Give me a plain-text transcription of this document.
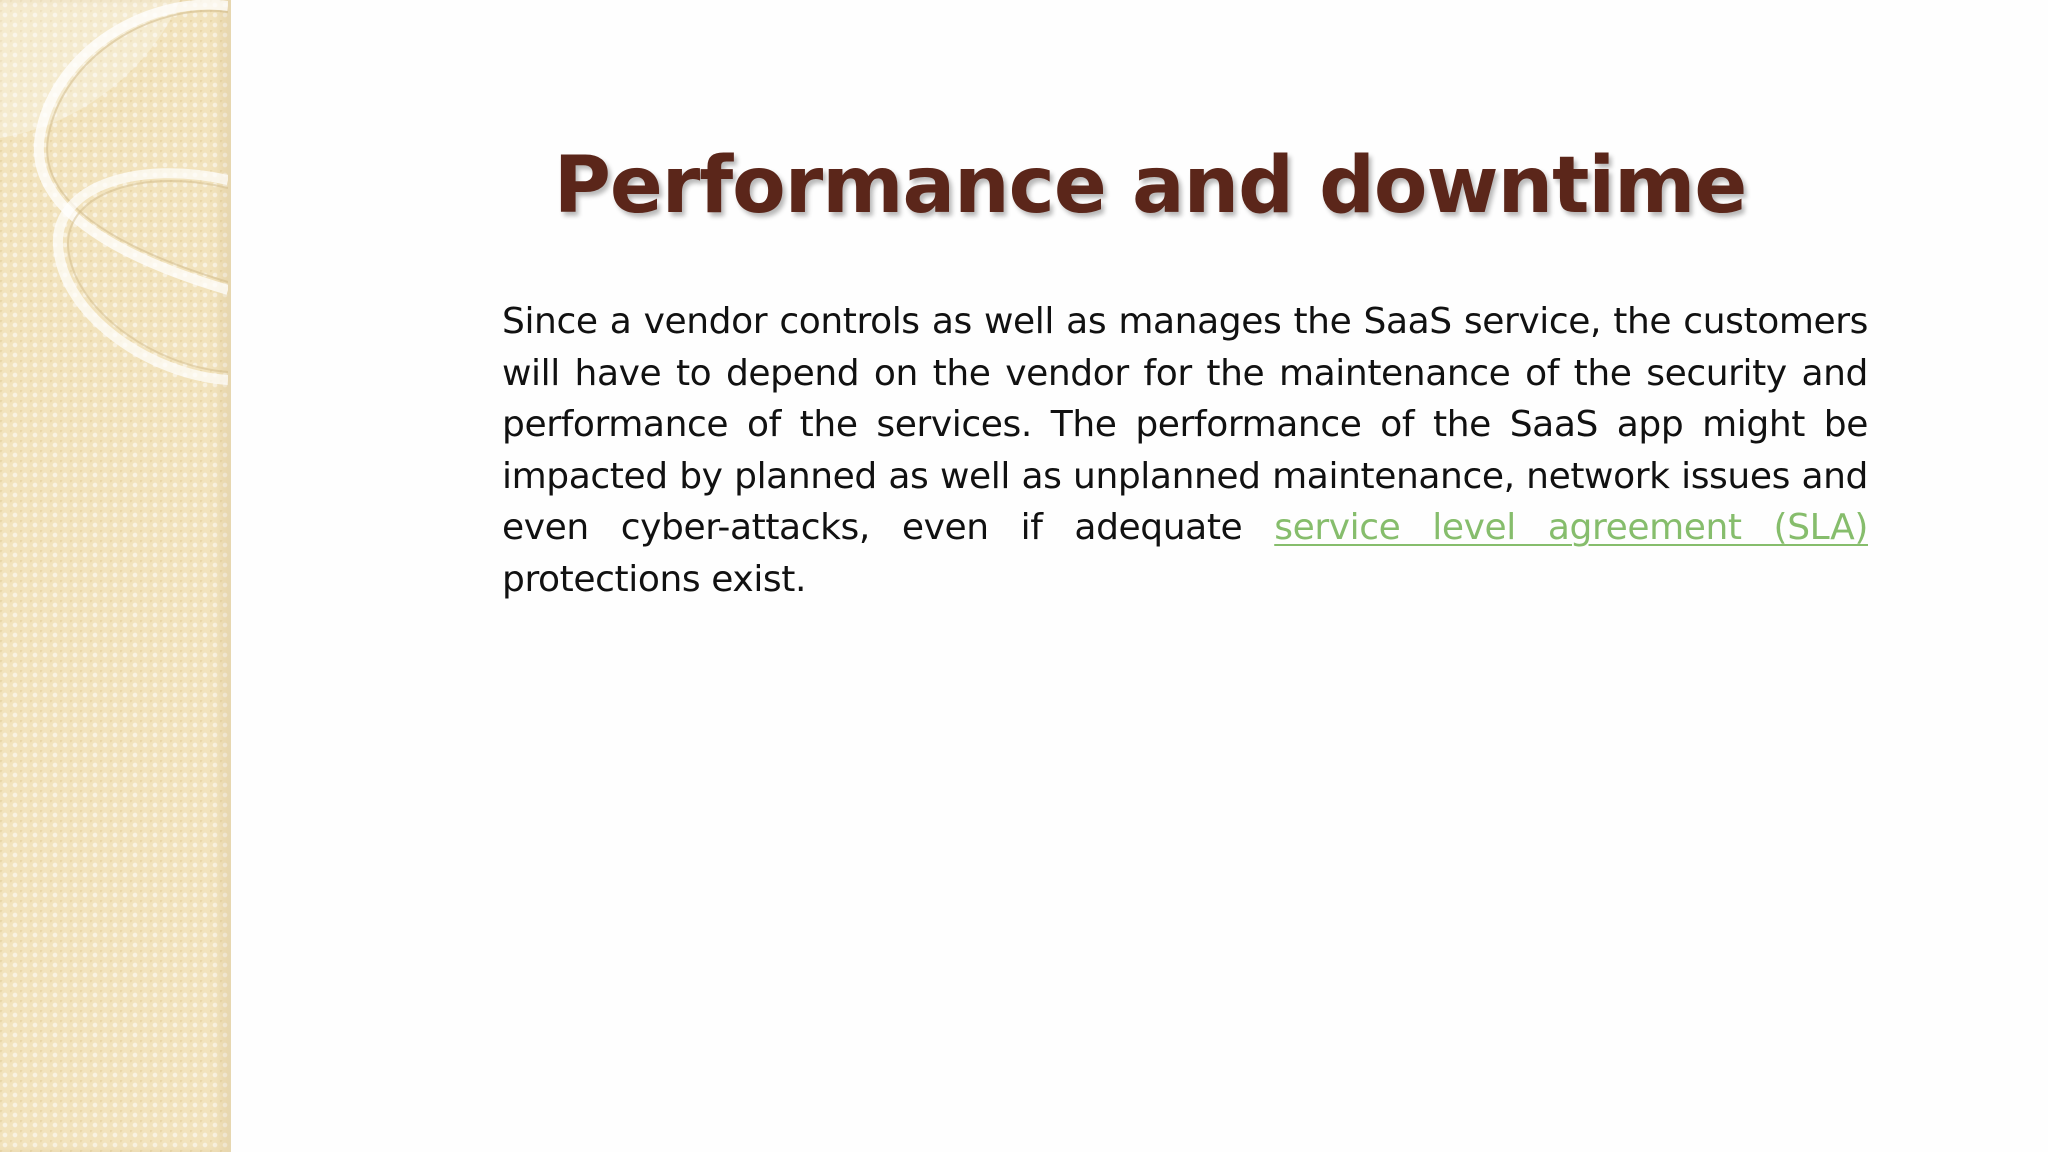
Performance and downtime

Since a vendor controls as well as manages the SaaS service, the customers will have to depend on the vendor for the maintenance of the security and performance of the services. The performance of the SaaS app might be impacted by planned as well as unplanned maintenance, network issues and even cyber-attacks, even if adequate service level agreement (SLA) protections exist.
